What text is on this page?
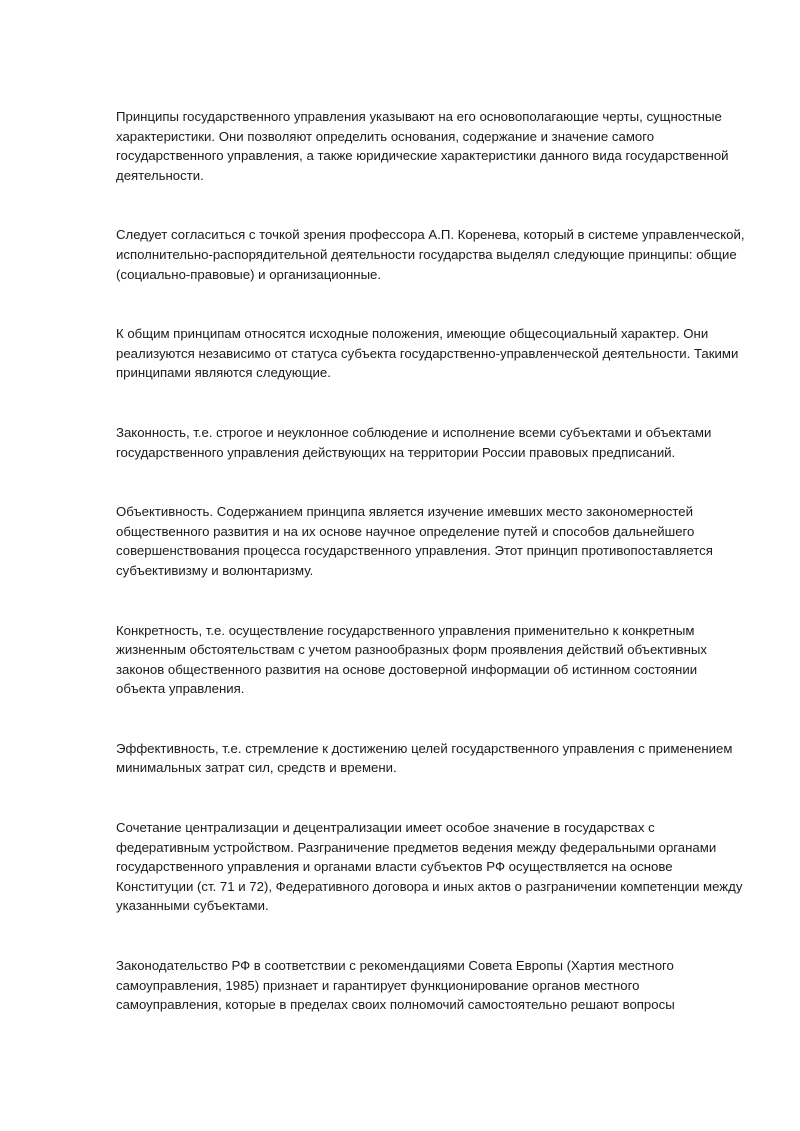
Принципы государственного управления указывают на его основополагающие черты, сущностные характеристики. Они позволяют определить основания, содержание и значение самого государственного управления, а также юридические характеристики данного вида государственной деятельности.

Следует согласиться с точкой зрения профессора А.П. Коренева, который в системе управленческой, исполнительно-распорядительной деятельности государства выделял следующие принципы: общие (социально-правовые) и организационные.

К общим принципам относятся исходные положения, имеющие общесоциальный характер. Они реализуются независимо от статуса субъекта государственно-управленческой деятельности. Такими принципами являются следующие.

Законность, т.е. строгое и неуклонное соблюдение и исполнение всеми субъектами и объектами государственного управления действующих на территории России правовых предписаний.

Объективность. Содержанием принципа является изучение имевших место закономерностей общественного развития и на их основе научное определение путей и способов дальнейшего совершенствования процесса государственного управления. Этот принцип противопоставляется субъективизму и волюнтаризму.

Конкретность, т.е. осуществление государственного управления применительно к конкретным жизненным обстоятельствам с учетом разнообразных форм проявления действий объективных законов общественного развития на основе достоверной информации об истинном состоянии объекта управления.

Эффективность, т.е. стремление к достижению целей государственного управления с применением минимальных затрат сил, средств и времени.

Сочетание централизации и децентрализации имеет особое значение в государствах с федеративным устройством. Разграничение предметов ведения между федеральными органами государственного управления и органами власти субъектов РФ осуществляется на основе Конституции (ст. 71 и 72), Федеративного договора и иных актов о разграничении компетенции между указанными субъектами.

Законодательство РФ в соответствии с рекомендациями Совета Европы (Хартия местного самоуправления, 1985) признает и гарантирует функционирование органов местного самоуправления, которые в пределах своих полномочий самостоятельно решают вопросы
